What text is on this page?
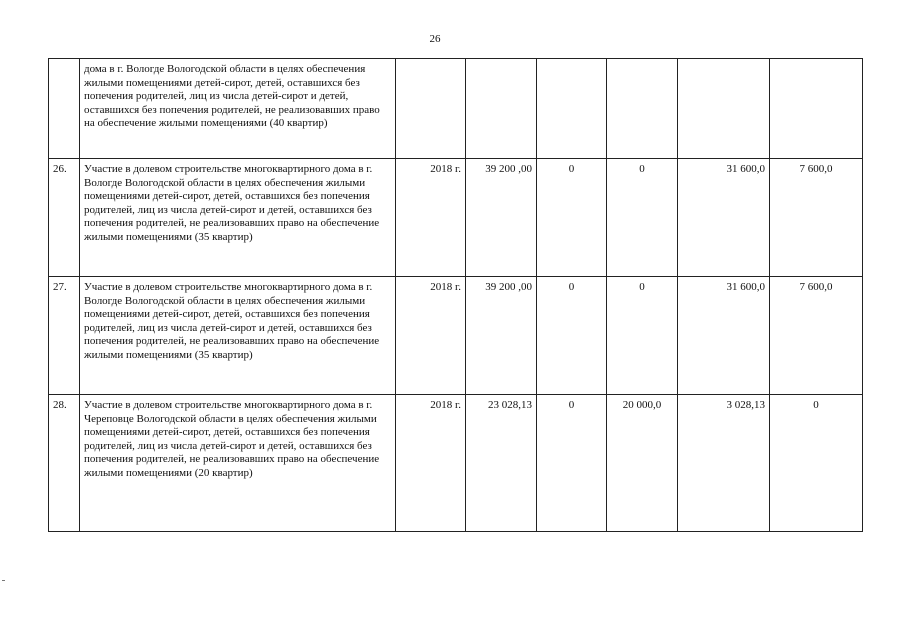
26
	дома в г. Вологде Вологодской области в целях обеспечения жилыми помещениями детей-сирот, детей, оставшихся без попечения родителей, лиц из числа детей-сирот и детей, оставшихся без попечения родителей, не реализовавших право на обеспечение жилыми помещениями (40 квартир)						
26.	Участие в долевом строительстве многоквартирного дома в г. Вологде Вологодской области в целях обеспечения жилыми помещениями детей-сирот, детей, оставшихся без попечения родителей, лиц из числа детей-сирот и детей, оставшихся без попечения родителей, не реализовавших право на обеспечение жилыми помещениями (35 квартир)	2018 г.	39 200 ,00	0	0	31 600,0	7 600,0
27.	Участие в долевом строительстве многоквартирного дома в г. Вологде Вологодской области в целях обеспечения жилыми помещениями детей-сирот, детей, оставшихся без попечения родителей, лиц из числа детей-сирот и детей, оставшихся без попечения родителей, не реализовавших право на обеспечение жилыми помещениями (35 квартир)	2018 г.	39 200 ,00	0	0	31 600,0	7 600,0
28.	Участие в долевом строительстве многоквартирного дома в г. Череповце Вологодской области в целях обеспечения жилыми помещениями детей-сирот, детей, оставшихся без попечения родителей, лиц из числа детей-сирот и детей, оставшихся без попечения родителей, не реализовавших право на обеспечение жилыми помещениями (20 квартир)	2018 г.	23 028,13	0	20 000,0	3 028,13	0
